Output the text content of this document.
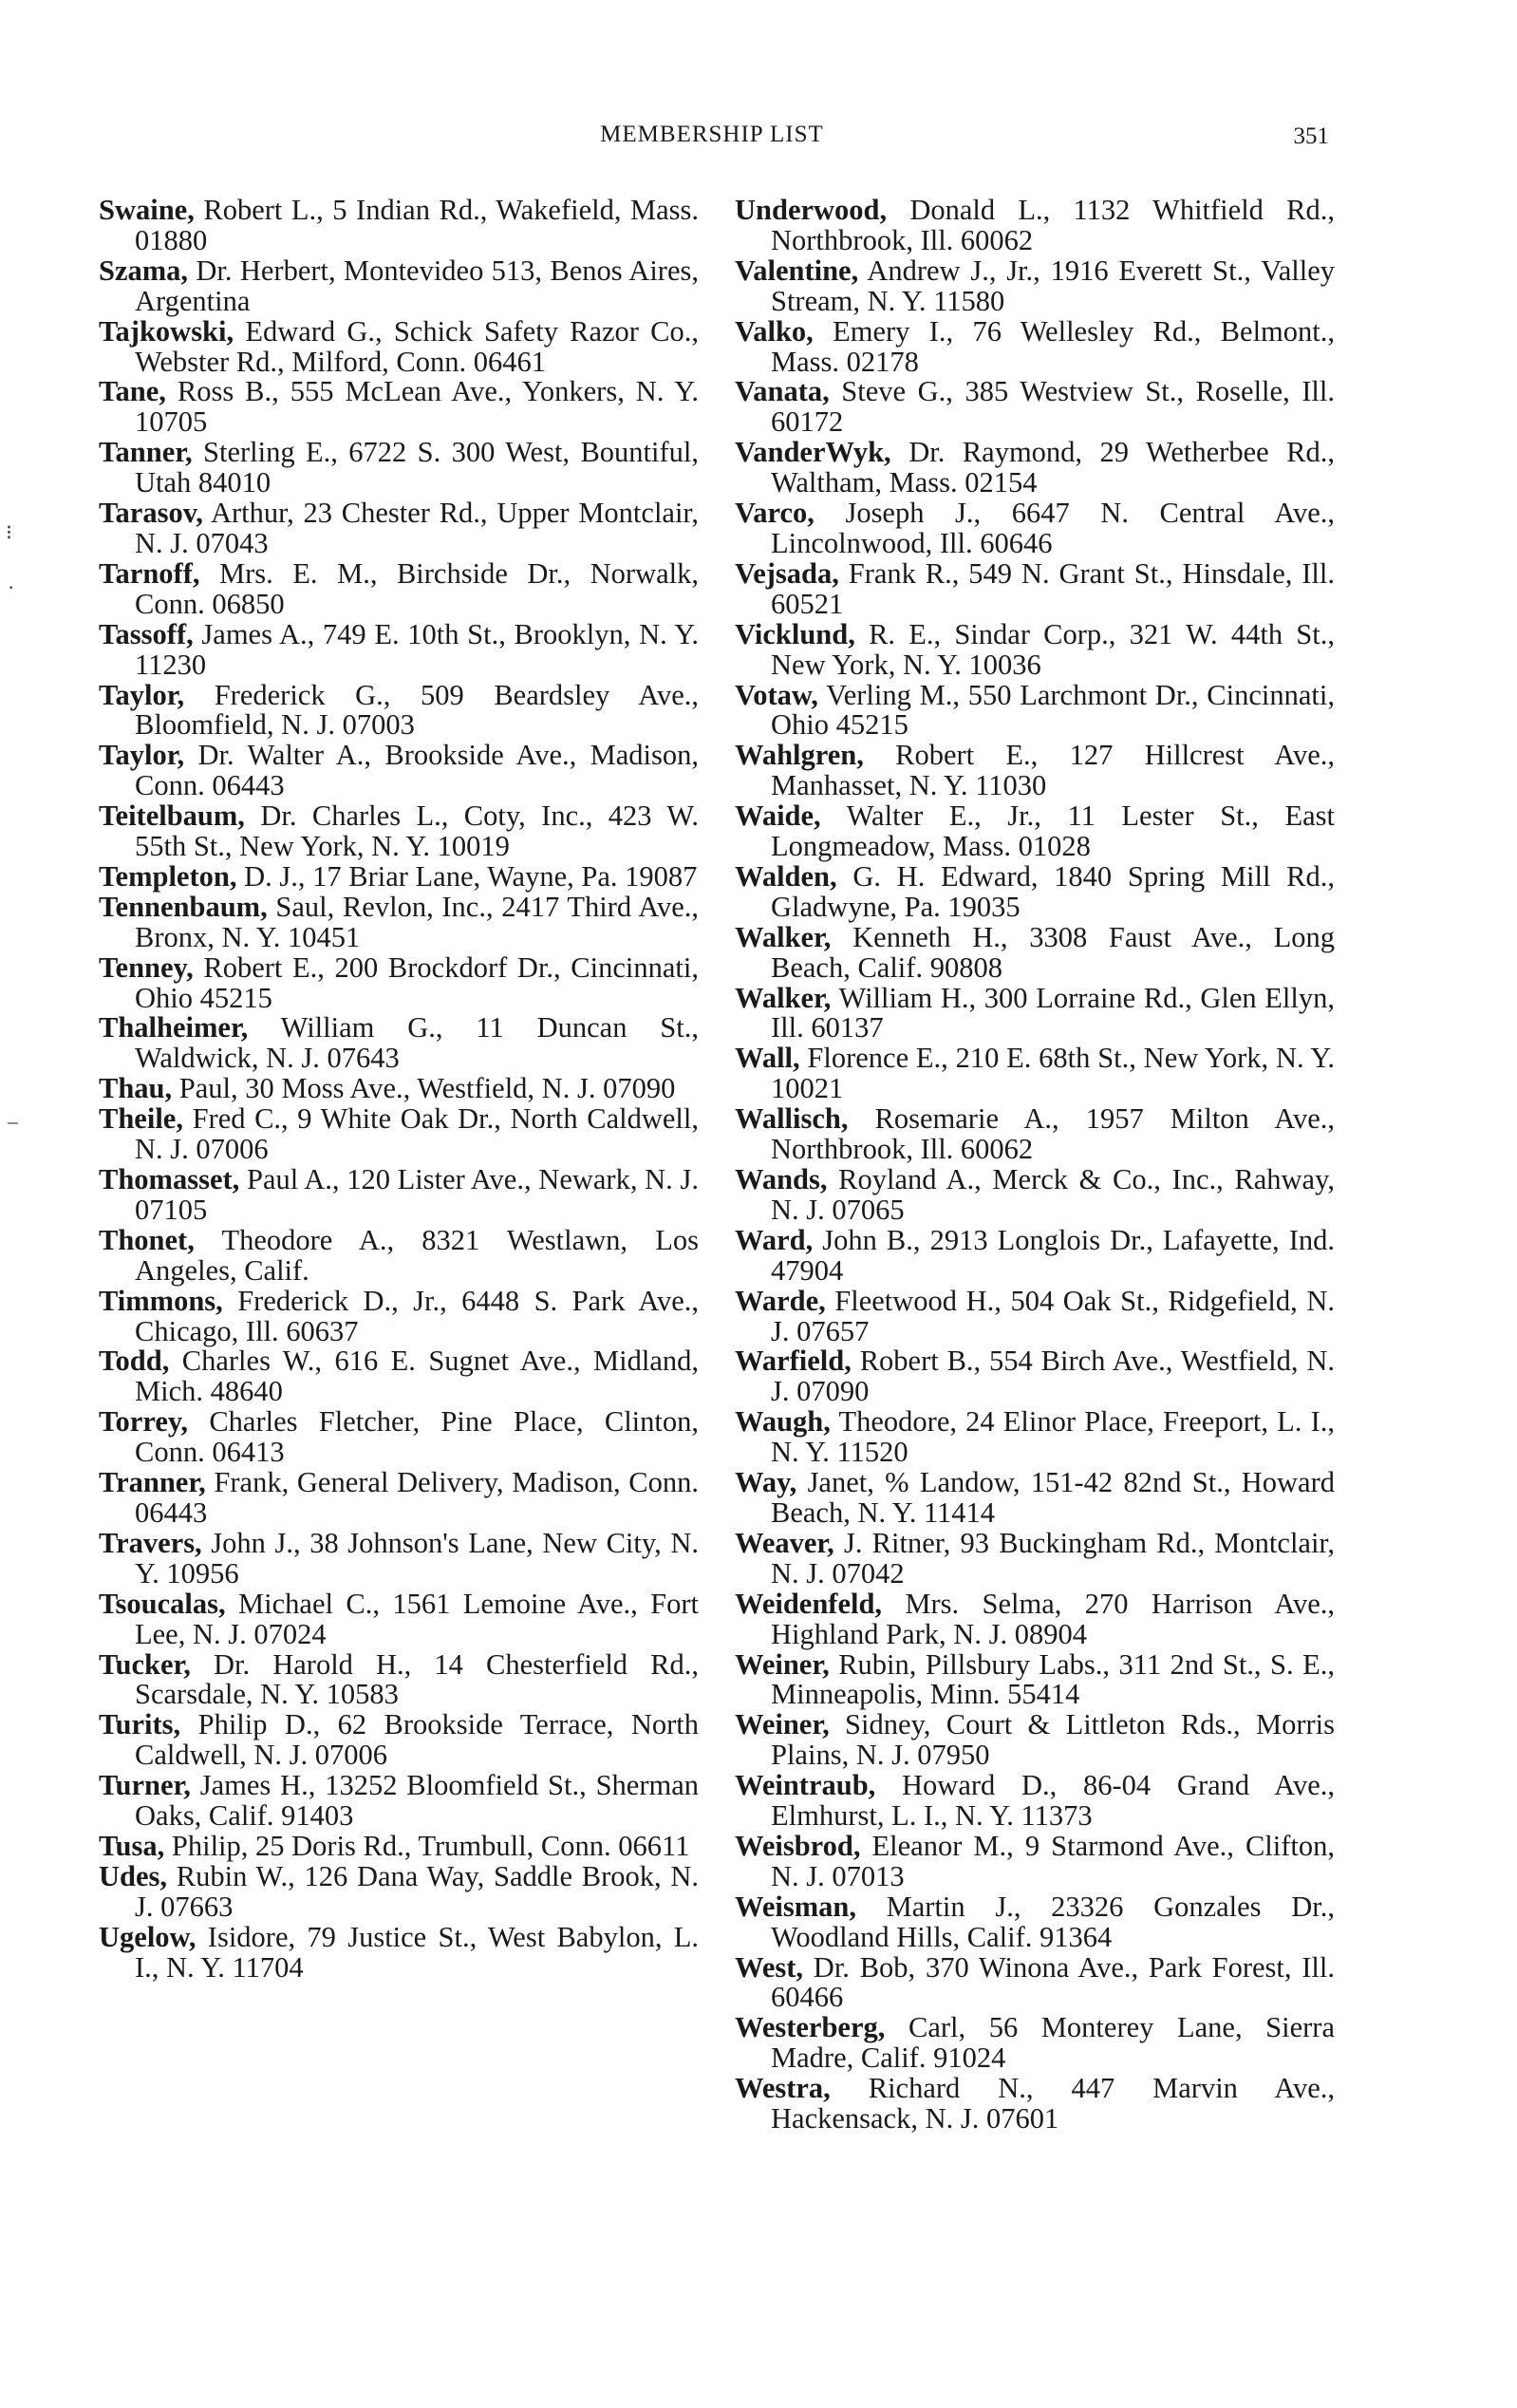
MEMBERSHIP LIST	351
⁝
·
–
Swaine, Robert L., 5 Indian Rd., Wakefield, Mass. 01880
Szama, Dr. Herbert, Montevideo 513, Benos Aires, Argentina
Tajkowski, Edward G., Schick Safety Razor Co., Webster Rd., Milford, Conn. 06461
Tane, Ross B., 555 McLean Ave., Yonkers, N. Y. 10705
Tanner, Sterling E., 6722 S. 300 West, Bountiful, Utah 84010
Tarasov, Arthur, 23 Chester Rd., Upper Montclair, N. J. 07043
Tarnoff, Mrs. E. M., Birchside Dr., Norwalk, Conn. 06850
Tassoff, James A., 749 E. 10th St., Brooklyn, N. Y. 11230
Taylor, Frederick G., 509 Beardsley Ave., Bloomfield, N. J. 07003
Taylor, Dr. Walter A., Brookside Ave., Madison, Conn. 06443
Teitelbaum, Dr. Charles L., Coty, Inc., 423 W. 55th St., New York, N. Y. 10019
Templeton, D. J., 17 Briar Lane, Wayne, Pa. 19087
Tennenbaum, Saul, Revlon, Inc., 2417 Third Ave., Bronx, N. Y. 10451
Tenney, Robert E., 200 Brockdorf Dr., Cincinnati, Ohio 45215
Thalheimer, William G., 11 Duncan St., Waldwick, N. J. 07643
Thau, Paul, 30 Moss Ave., Westfield, N. J. 07090
Theile, Fred C., 9 White Oak Dr., North Caldwell, N. J. 07006
Thomasset, Paul A., 120 Lister Ave., Newark, N. J. 07105
Thonet, Theodore A., 8321 Westlawn, Los Angeles, Calif.
Timmons, Frederick D., Jr., 6448 S. Park Ave., Chicago, Ill. 60637
Todd, Charles W., 616 E. Sugnet Ave., Midland, Mich. 48640
Torrey, Charles Fletcher, Pine Place, Clinton, Conn. 06413
Tranner, Frank, General Delivery, Madison, Conn. 06443
Travers, John J., 38 Johnson's Lane, New City, N. Y. 10956
Tsoucalas, Michael C., 1561 Lemoine Ave., Fort Lee, N. J. 07024
Tucker, Dr. Harold H., 14 Chesterfield Rd., Scarsdale, N. Y. 10583
Turits, Philip D., 62 Brookside Terrace, North Caldwell, N. J. 07006
Turner, James H., 13252 Bloomfield St., Sherman Oaks, Calif. 91403
Tusa, Philip, 25 Doris Rd., Trumbull, Conn. 06611
Udes, Rubin W., 126 Dana Way, Saddle Brook, N. J. 07663
Ugelow, Isidore, 79 Justice St., West Babylon, L. I., N. Y. 11704
Underwood, Donald L., 1132 Whitfield Rd., Northbrook, Ill. 60062
Valentine, Andrew J., Jr., 1916 Everett St., Valley Stream, N. Y. 11580
Valko, Emery I., 76 Wellesley Rd., Belmont., Mass. 02178
Vanata, Steve G., 385 Westview St., Roselle, Ill. 60172
VanderWyk, Dr. Raymond, 29 Wetherbee Rd., Waltham, Mass. 02154
Varco, Joseph J., 6647 N. Central Ave., Lincolnwood, Ill. 60646
Vejsada, Frank R., 549 N. Grant St., Hinsdale, Ill. 60521
Vicklund, R. E., Sindar Corp., 321 W. 44th St., New York, N. Y. 10036
Votaw, Verling M., 550 Larchmont Dr., Cincinnati, Ohio 45215
Wahlgren, Robert E., 127 Hillcrest Ave., Manhasset, N. Y. 11030
Waide, Walter E., Jr., 11 Lester St., East Longmeadow, Mass. 01028
Walden, G. H. Edward, 1840 Spring Mill Rd., Gladwyne, Pa. 19035
Walker, Kenneth H., 3308 Faust Ave., Long Beach, Calif. 90808
Walker, William H., 300 Lorraine Rd., Glen Ellyn, Ill. 60137
Wall, Florence E., 210 E. 68th St., New York, N. Y. 10021
Wallisch, Rosemarie A., 1957 Milton Ave., Northbrook, Ill. 60062
Wands, Royland A., Merck & Co., Inc., Rahway, N. J. 07065
Ward, John B., 2913 Longlois Dr., Lafayette, Ind. 47904
Warde, Fleetwood H., 504 Oak St., Ridgefield, N. J. 07657
Warfield, Robert B., 554 Birch Ave., Westfield, N. J. 07090
Waugh, Theodore, 24 Elinor Place, Freeport, L. I., N. Y. 11520
Way, Janet, % Landow, 151-42 82nd St., Howard Beach, N. Y. 11414
Weaver, J. Ritner, 93 Buckingham Rd., Montclair, N. J. 07042
Weidenfeld, Mrs. Selma, 270 Harrison Ave., Highland Park, N. J. 08904
Weiner, Rubin, Pillsbury Labs., 311 2nd St., S. E., Minneapolis, Minn. 55414
Weiner, Sidney, Court & Littleton Rds., Morris Plains, N. J. 07950
Weintraub, Howard D., 86-04 Grand Ave., Elmhurst, L. I., N. Y. 11373
Weisbrod, Eleanor M., 9 Starmond Ave., Clifton, N. J. 07013
Weisman, Martin J., 23326 Gonzales Dr., Woodland Hills, Calif. 91364
West, Dr. Bob, 370 Winona Ave., Park Forest, Ill. 60466
Westerberg, Carl, 56 Monterey Lane, Sierra Madre, Calif. 91024
Westra, Richard N., 447 Marvin Ave., Hackensack, N. J. 07601
